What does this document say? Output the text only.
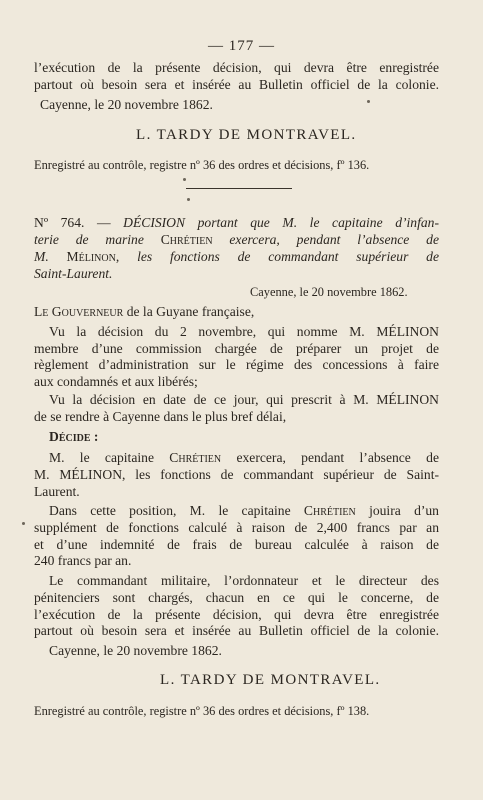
— 177 —
l’exécution de la présente décision, qui devra être enregistrée
partout où besoin sera et insérée au Bulletin officiel de la colonie.
Cayenne, le 20 novembre 1862.
L. TARDY DE MONTRAVEL.
Enregistré au contrôle, registre nº 36 des ordres et décisions, fº 136.
Nº 764. — DÉCISION portant que M. le capitaine d’infan-
terie de marine Chrétien exercera, pendant l’absence de
M. Mélinon, les fonctions de commandant supérieur de
Saint-Laurent.
Cayenne, le 20 novembre 1862.
Le Gouverneur de la Guyane française,
Vu la décision du 2 novembre, qui nomme M. MÉLINON
membre d’une commission chargée de préparer un projet de
règlement d’administration sur le régime des concessions à faire
aux condamnés et aux libérés;
Vu la décision en date de ce jour, qui prescrit à M. MÉLINON
de se rendre à Cayenne dans le plus bref délai,
Décide :
M. le capitaine Chrétien exercera, pendant l’absence de
M. MÉLINON, les fonctions de commandant supérieur de Saint-
Laurent.
Dans cette position, M. le capitaine Chrétien jouira d’un
supplément de fonctions calculé à raison de 2,400 francs par an
et d’une indemnité de frais de bureau calculée à raison de
240 francs par an.
Le commandant militaire, l’ordonnateur et le directeur des
pénitenciers sont chargés, chacun en ce qui le concerne, de
l’exécution de la présente décision, qui devra être enregistrée
partout où besoin sera et insérée au Bulletin officiel de la colonie.
Cayenne, le 20 novembre 1862.
L. TARDY DE MONTRAVEL.
Enregistré au contrôle, registre nº 36 des ordres et décisions, fº 138.
